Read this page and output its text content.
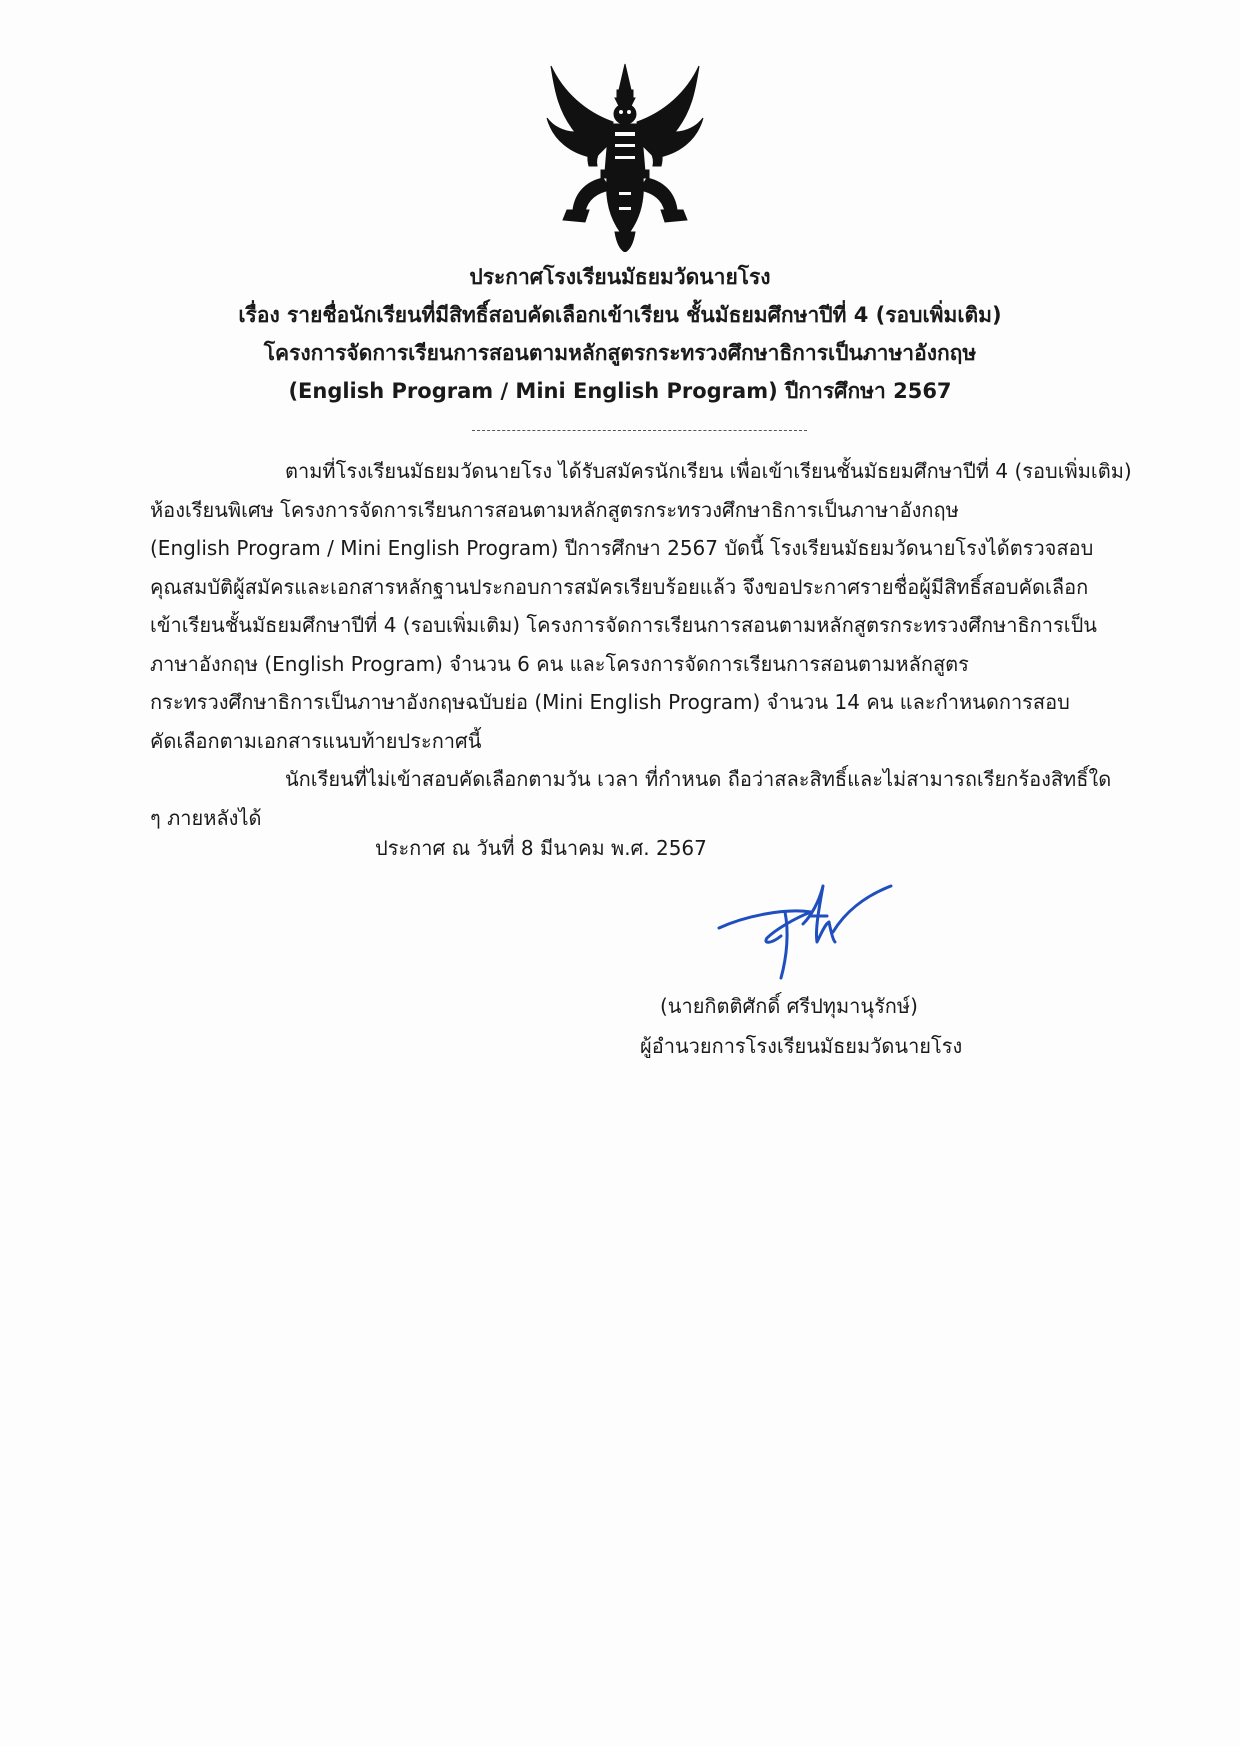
ประกาศโรงเรียนมัธยมวัดนายโรง
เรื่อง รายชื่อนักเรียนที่มีสิทธิ์สอบคัดเลือกเข้าเรียน ชั้นมัธยมศึกษาปีที่ 4 (รอบเพิ่มเติม)
โครงการจัดการเรียนการสอนตามหลักสูตรกระทรวงศึกษาธิการเป็นภาษาอังกฤษ
(English Program / Mini English Program) ปีการศึกษา 2567
ตามที่โรงเรียนมัธยมวัดนายโรง ได้รับสมัครนักเรียน เพื่อเข้าเรียนชั้นมัธยมศึกษาปีที่ 4 (รอบเพิ่มเติม)
ห้องเรียนพิเศษ โครงการจัดการเรียนการสอนตามหลักสูตรกระทรวงศึกษาธิการเป็นภาษาอังกฤษ
(English Program / Mini English Program) ปีการศึกษา 2567 บัดนี้ โรงเรียนมัธยมวัดนายโรงได้ตรวจสอบ
คุณสมบัติผู้สมัครและเอกสารหลักฐานประกอบการสมัครเรียบร้อยแล้ว จึงขอประกาศรายชื่อผู้มีสิทธิ์สอบคัดเลือก
เข้าเรียนชั้นมัธยมศึกษาปีที่ 4 (รอบเพิ่มเติม) โครงการจัดการเรียนการสอนตามหลักสูตรกระทรวงศึกษาธิการเป็น
ภาษาอังกฤษ (English Program) จำนวน 6 คน และโครงการจัดการเรียนการสอนตามหลักสูตร
กระทรวงศึกษาธิการเป็นภาษาอังกฤษฉบับย่อ (Mini English Program) จำนวน 14 คน และกำหนดการสอบ
คัดเลือกตามเอกสารแนบท้ายประกาศนี้
นักเรียนที่ไม่เข้าสอบคัดเลือกตามวัน เวลา ที่กำหนด ถือว่าสละสิทธิ์และไม่สามารถเรียกร้องสิทธิ์ใด
ๆ ภายหลังได้
ประกาศ ณ วันที่ 8 มีนาคม พ.ศ. 2567
(นายกิตติศักดิ์ ศรีปทุมานุรักษ์)
ผู้อำนวยการโรงเรียนมัธยมวัดนายโรง
